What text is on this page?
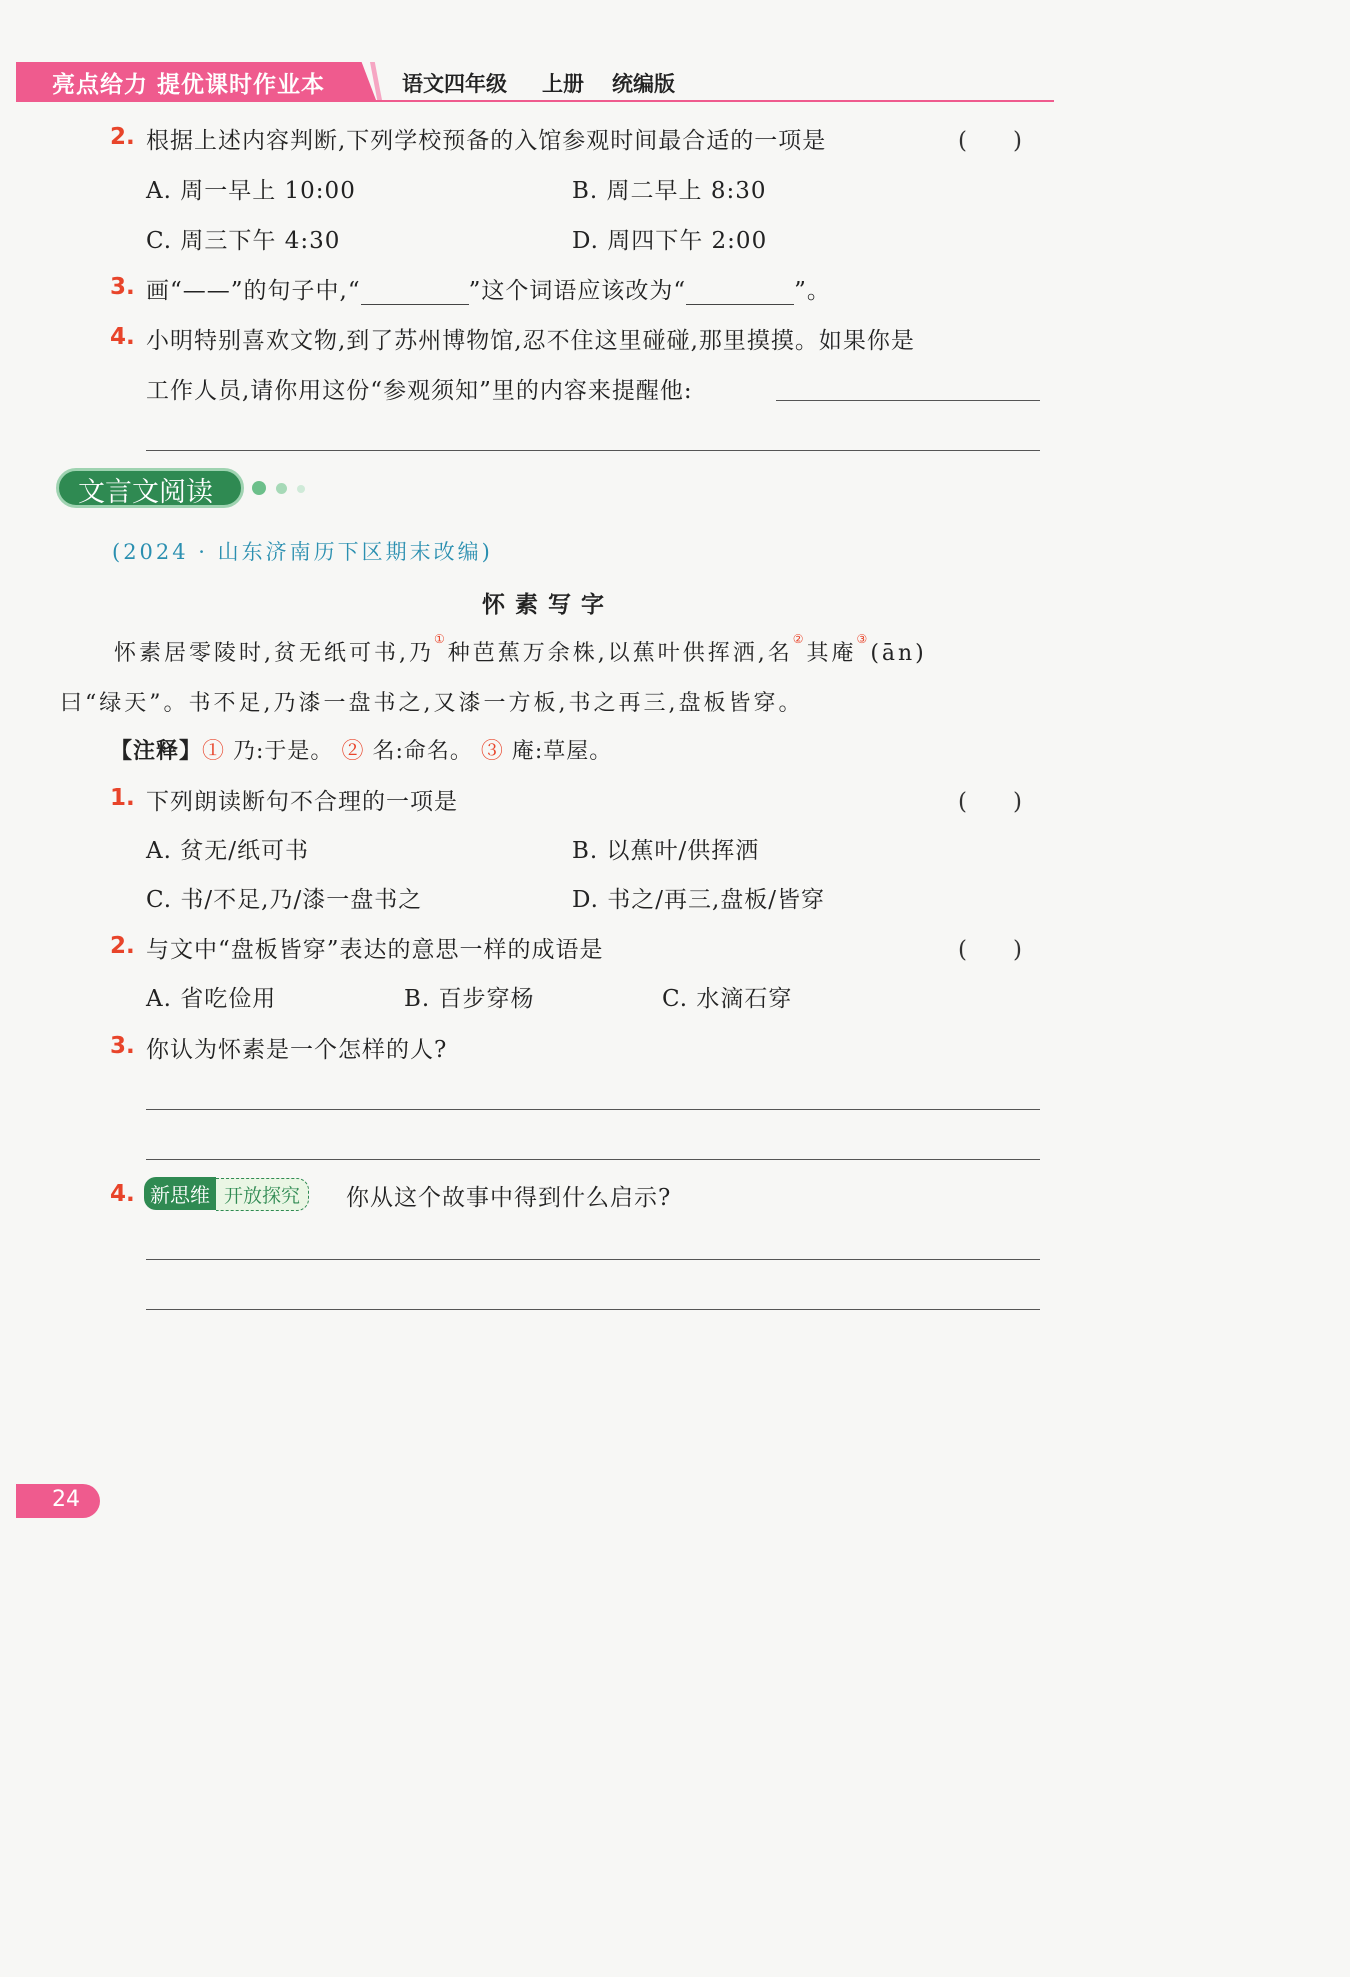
亮点给力 提优课时作业本	语文四年级 上册 统编版
2. 根据上述内容判断,下列学校预备的入馆参观时间最合适的一项是	(　　)
A. 周一早上 10:00	B. 周二早上 8:30
C. 周三下午 4:30	D. 周四下午 2:00
3. 画“——”的句子中,“	”这个词语应该改为“	”。
4. 小明特别喜欢文物,到了苏州博物馆,忍不住这里碰碰,那里摸摸。如果你是
工作人员,请你用这份“参观须知”里的内容来提醒他:
文言文阅读
(2024 · 山东济南历下区期末改编)
怀素写字
怀素居零陵时,贫无纸可书,乃①种芭蕉万余株,以蕉叶供挥洒,名②其庵③(ān)
曰“绿天”。书不足,乃漆一盘书之,又漆一方板,书之再三,盘板皆穿。
【注释】① 乃:于是。 ② 名:命名。 ③ 庵:草屋。
1. 下列朗读断句不合理的一项是	(　　)
A. 贫无/纸可书	B. 以蕉叶/供挥洒
C. 书/不足,乃/漆一盘书之	D. 书之/再三,盘板/皆穿
2. 与文中“盘板皆穿”表达的意思一样的成语是	(　　)
A. 省吃俭用	B. 百步穿杨	C. 水滴石穿
3. 你认为怀素是一个怎样的人?
4. 新思维 开放探究	你从这个故事中得到什么启示?
24
